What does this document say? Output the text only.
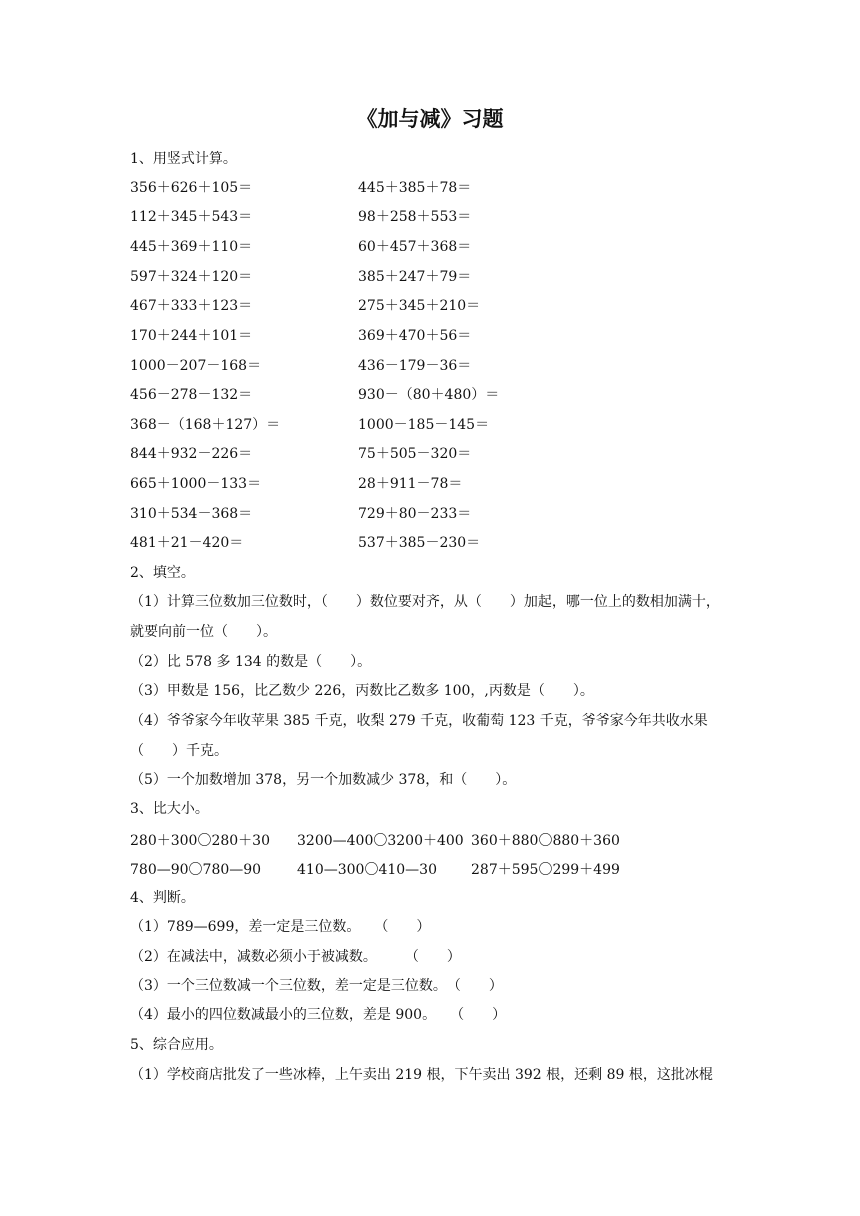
《加与减》习题
1、用竖式计算。
356＋626＋105＝	445＋385＋78＝
112＋345＋543＝	98＋258＋553＝
445＋369＋110＝	60＋457＋368＝
597＋324＋120＝	385＋247＋79＝
467＋333＋123＝	275＋345＋210＝
170＋244＋101＝	369＋470＋56＝
1000－207－168＝	436－179－36＝
456－278－132＝	930－（80＋480）＝
368－（168＋127）＝	1000－185－145＝
844＋932－226＝	75＋505－320＝
665＋1000－133＝	28＋911－78＝
310＋534－368＝	729＋80－233＝
481＋21－420＝	537＋385－230＝
2、填空。
（1）计算三位数加三位数时，（　　）数位要对齐，从（　　）加起，哪一位上的数相加满十，就要向前一位（　　）。
（2）比 578 多 134 的数是（　　）。
（3）甲数是 156，比乙数少 226，丙数比乙数多 100，,丙数是（　　）。
（4）爷爷家今年收苹果 385 千克，收梨 279 千克，收葡萄 123 千克，爷爷家今年共收水果（　　）千克。
（5）一个加数增加 378，另一个加数减少 378，和（　　）。
3、比大小。
280＋300〇280＋30 3200—400〇3200＋400 360＋880〇880＋360
780—90〇780—90	410—300〇410—30 287＋595〇299＋499
4、判断。
（1）789—699，差一定是三位数。　　（　　）
（2）在减法中，减数必须小于被减数。　　　（　　）
（3）一个三位数减一个三位数，差一定是三位数。　（　　）
（4）最小的四位数减最小的三位数，差是 900。　　（　　）
5、综合应用。
（1）学校商店批发了一些冰棒，上午卖出 219 根，下午卖出 392 根，还剩 89 根，这批冰棍
